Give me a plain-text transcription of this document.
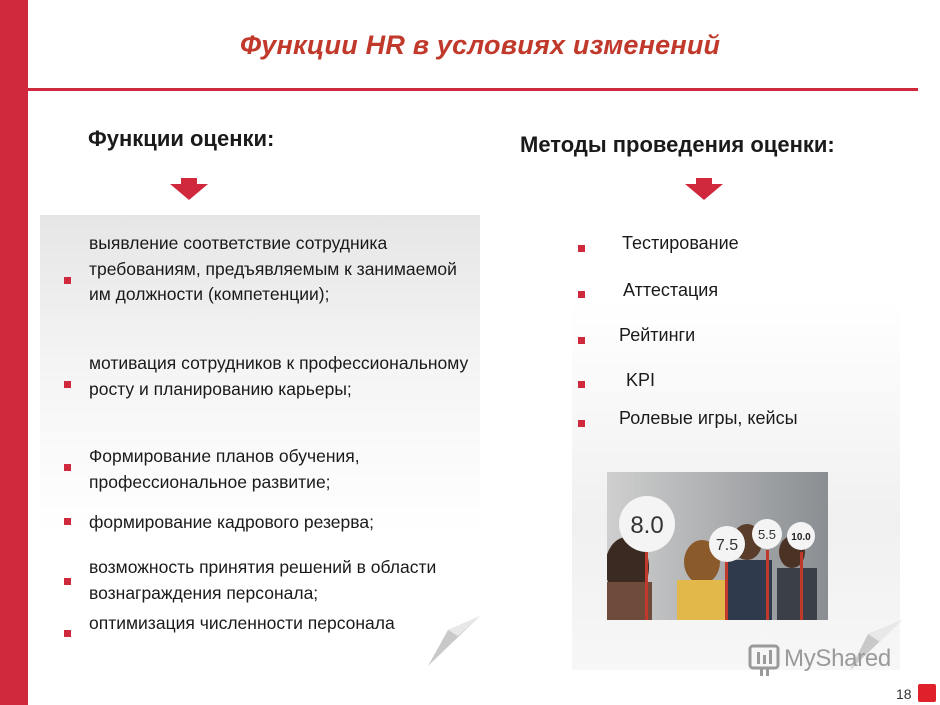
Функции HR в условиях изменений
Функции оценки:	Методы проведения оценки:
выявление соответствие сотрудника требованиям, предъявляемым к занимаемой им должности (компетенции);
мотивация сотрудников к профессиональному росту и планированию карьеры;
Формирование планов обучения, профессиональное развитие;
формирование кадрового резерва;
возможность принятия решений в области вознаграждения персонала;
оптимизация численности персонала
Тестирование
Аттестация
Рейтинги
KPI
Ролевые игры, кейсы
8.0
7.5
5.5 10.0
MyShared
18
